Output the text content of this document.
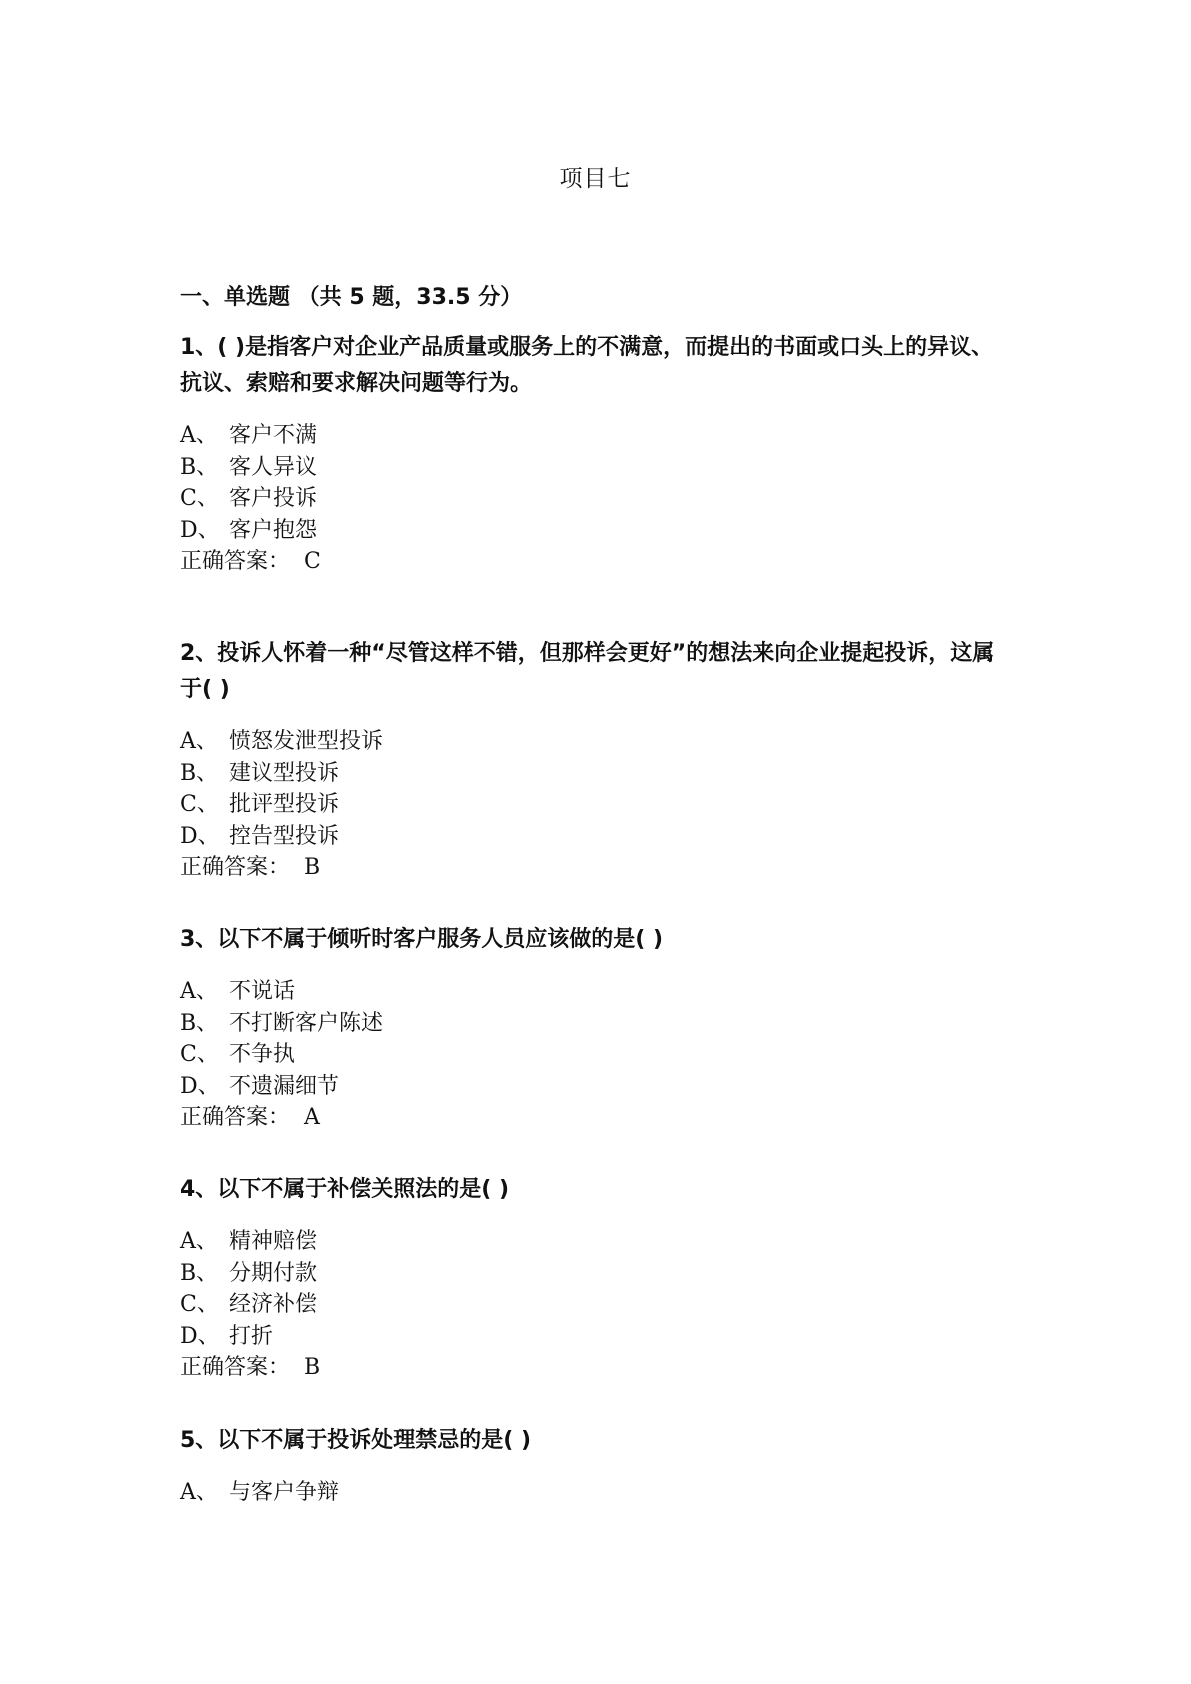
项目七
一、单选题 （共 5 题，33.5 分）

1、( )是指客户对企业产品质量或服务上的不满意，而提出的书面或口头上的异议、抗议、索赔和要求解决问题等行为。

A、 客户不满
B、 客人异议
C、 客户投诉
D、 客户抱怨
正确答案： C

2、投诉人怀着一种“尽管这样不错，但那样会更好”的想法来向企业提起投诉，这属于( )

A、 愤怒发泄型投诉
B、 建议型投诉
C、 批评型投诉
D、 控告型投诉
正确答案： B

3、以下不属于倾听时客户服务人员应该做的是( )

A、 不说话
B、 不打断客户陈述
C、 不争执
D、 不遗漏细节
正确答案： A

4、以下不属于补偿关照法的是( )

A、 精神赔偿
B、 分期付款
C、 经济补偿
D、 打折
正确答案： B

5、以下不属于投诉处理禁忌的是( )

A、 与客户争辩
